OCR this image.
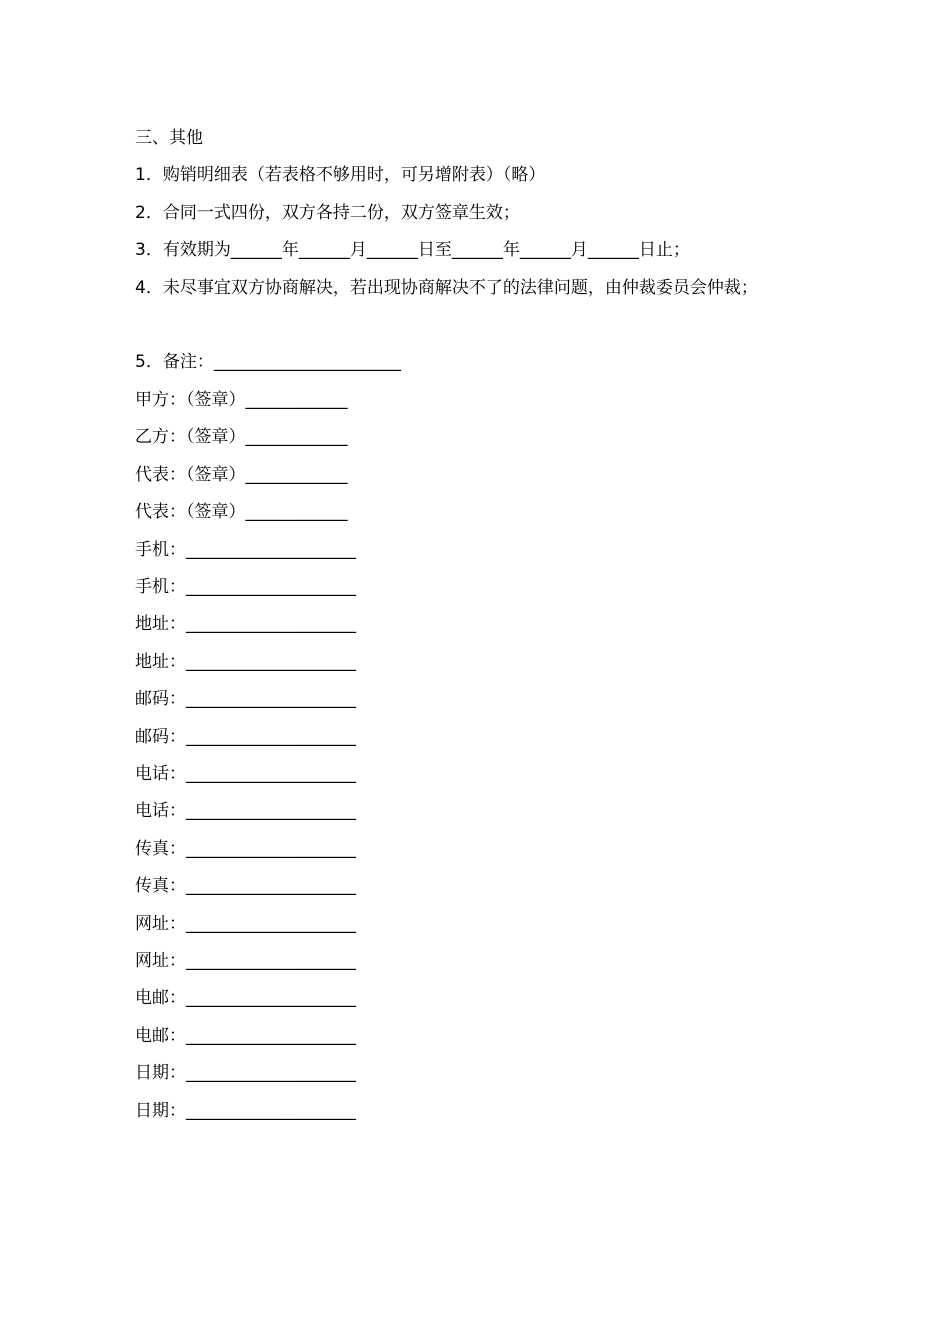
三、其他
1．购销明细表（若表格不够用时，可另增附表）（略）
2．合同一式四份，双方各持二份，双方签章生效；
3．有效期为______年______月______日至______年______月______日止；
4．未尽事宜双方协商解决，若出现协商解决不了的法律问题，由仲裁委员会仲裁；
5．备注：______________________
甲方：（签章）____________
乙方：（签章）____________
代表：（签章）____________
代表：（签章）____________
手机：____________________
手机：____________________
地址：____________________
地址：____________________
邮码：____________________
邮码：____________________
电话：____________________
电话：____________________
传真：____________________
传真：____________________
网址：____________________
网址：____________________
电邮：____________________
电邮：____________________
日期：____________________
日期：____________________
